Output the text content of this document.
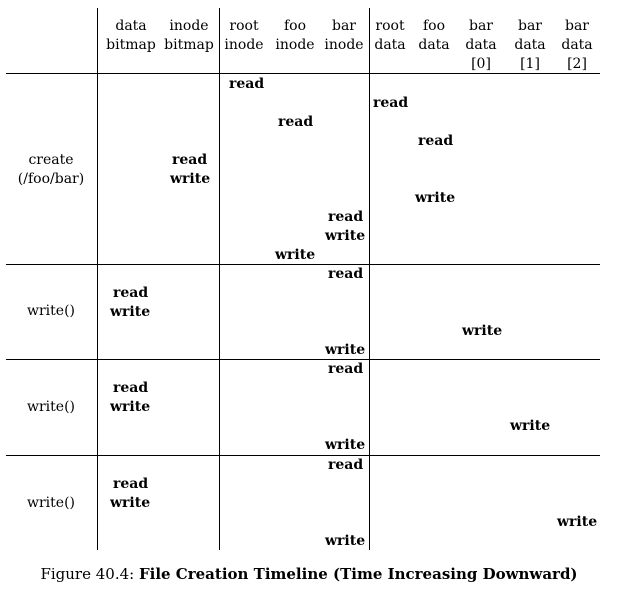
data
bitmap
inode
bitmap
root
inode
foo
inode
bar
inode
root
data
foo
data
bar
data
[0]
bar
data
[1]
bar
data
[2]
create
(/foo/bar)
write()
write()
write()
read
read
read
read
read
write
write
read
write
write
read
read
write
write
write
read
read
write
write
write
read
read
write
write
write
Figure 40.4: File Creation Timeline (Time Increasing Downward)
